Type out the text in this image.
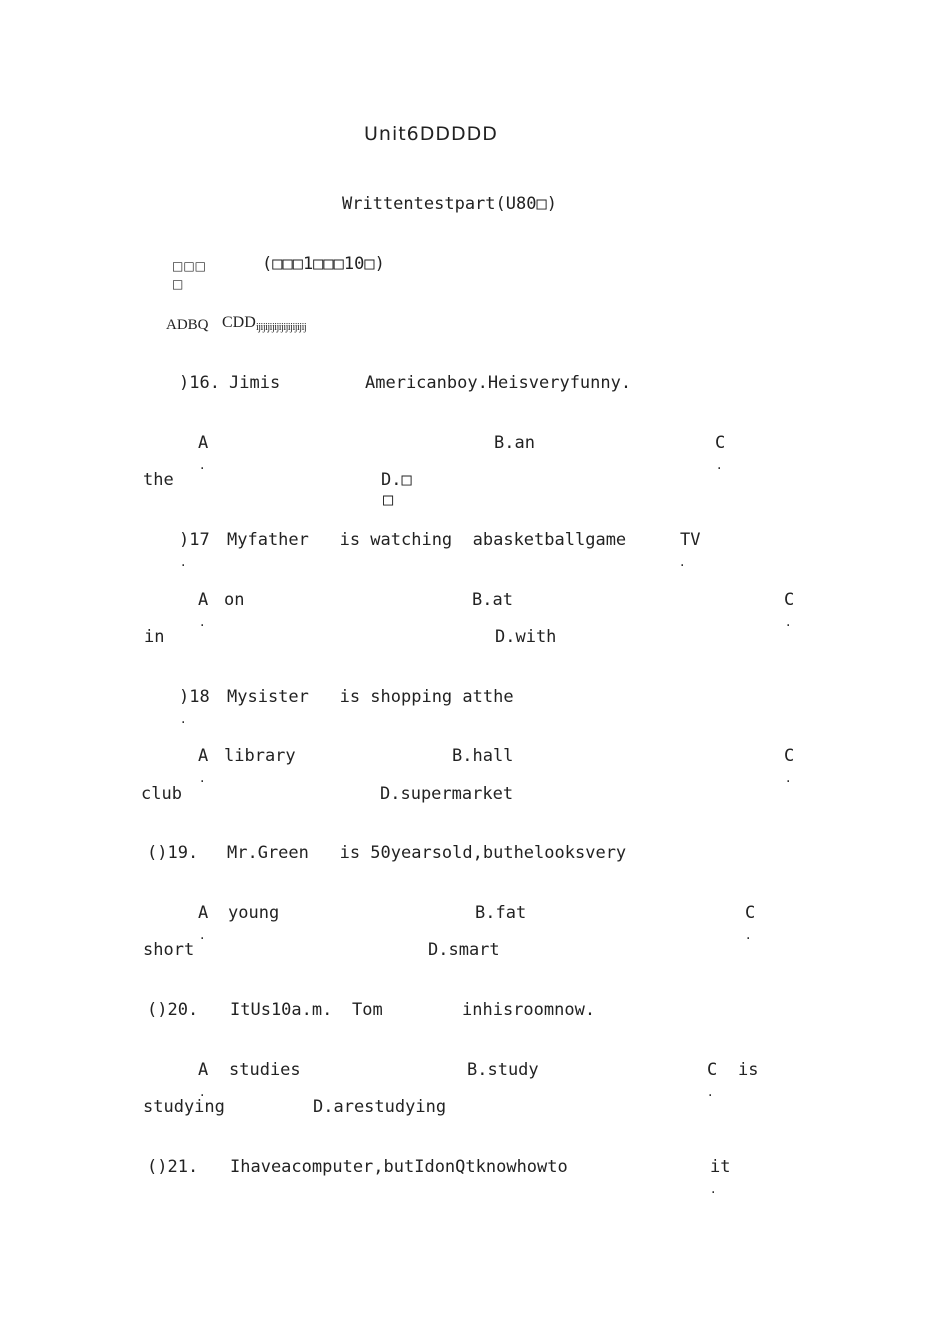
Unit6DDDDD
Writtentestpart(U80□)
□□□
□
(□□□1□□□10□)
ADBQ CDD ijijijijijijijijijijij
)16. Jimis	Americanboy.Heisveryfunny.
A
.
B.an	C
.
the	D.□
□
)17
.
Myfather   is watching  abasketballgame	TV
.
A
.
on	B.at	C
.
in	D.with
)18
.
Mysister   is shopping atthe
A
.
library	B.hall	C
.
club	D.supermarket
()19. Mr.Green   is 50yearsold,buthelooksvery
A
.
young	B.fat	C
.
short	D.smart
()20. ItUs10a.m. Tom	inhisroomnow.
A
.
studies	B.study	C
.
is
studying	D.arestudying
()21. Ihaveacomputer,butIdonQtknowhowto	it
.
